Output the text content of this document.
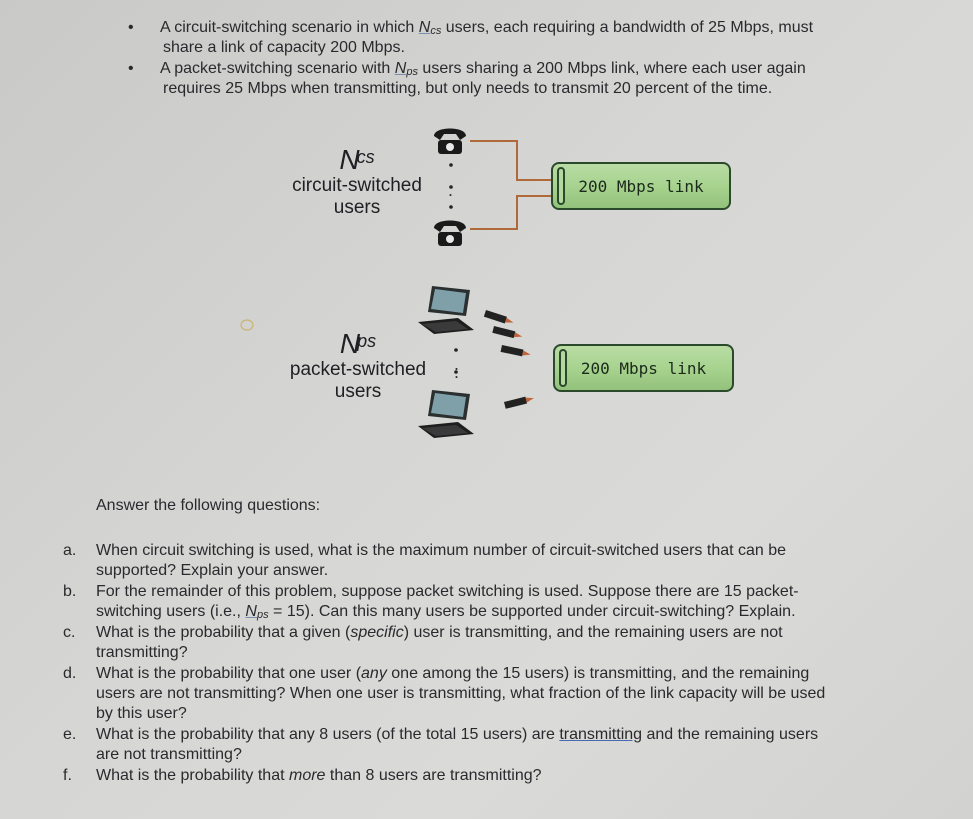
• A circuit-switching scenario in which Ncs users, each requiring a bandwidth of 25 Mbps, must
share a link of capacity 200 Mbps.
• A packet-switching scenario with Nps users sharing a 200 Mbps link, where each user again
requires 25 Mbps when transmitting, but only needs to transmit 20 percent of the time.
Ncs
circuit-switched
users
Nps
packet-switched
users
:
:
200 Mbps link
200 Mbps link
Answer the following questions:
a. When circuit switching is used, what is the maximum number of circuit-switched users that can be
supported? Explain your answer.
b. For the remainder of this problem, suppose packet switching is used. Suppose there are 15 packet-
switching users (i.e., Nps = 15). Can this many users be supported under circuit-switching? Explain.
c. What is the probability that a given (specific) user is transmitting, and the remaining users are not
transmitting?
d. What is the probability that one user (any one among the 15 users) is transmitting, and the remaining
users are not transmitting? When one user is transmitting, what fraction of the link capacity will be used
by this user?
e. What is the probability that any 8 users (of the total 15 users) are transmitting and the remaining users
are not transmitting?
f. What is the probability that more than 8 users are transmitting?
